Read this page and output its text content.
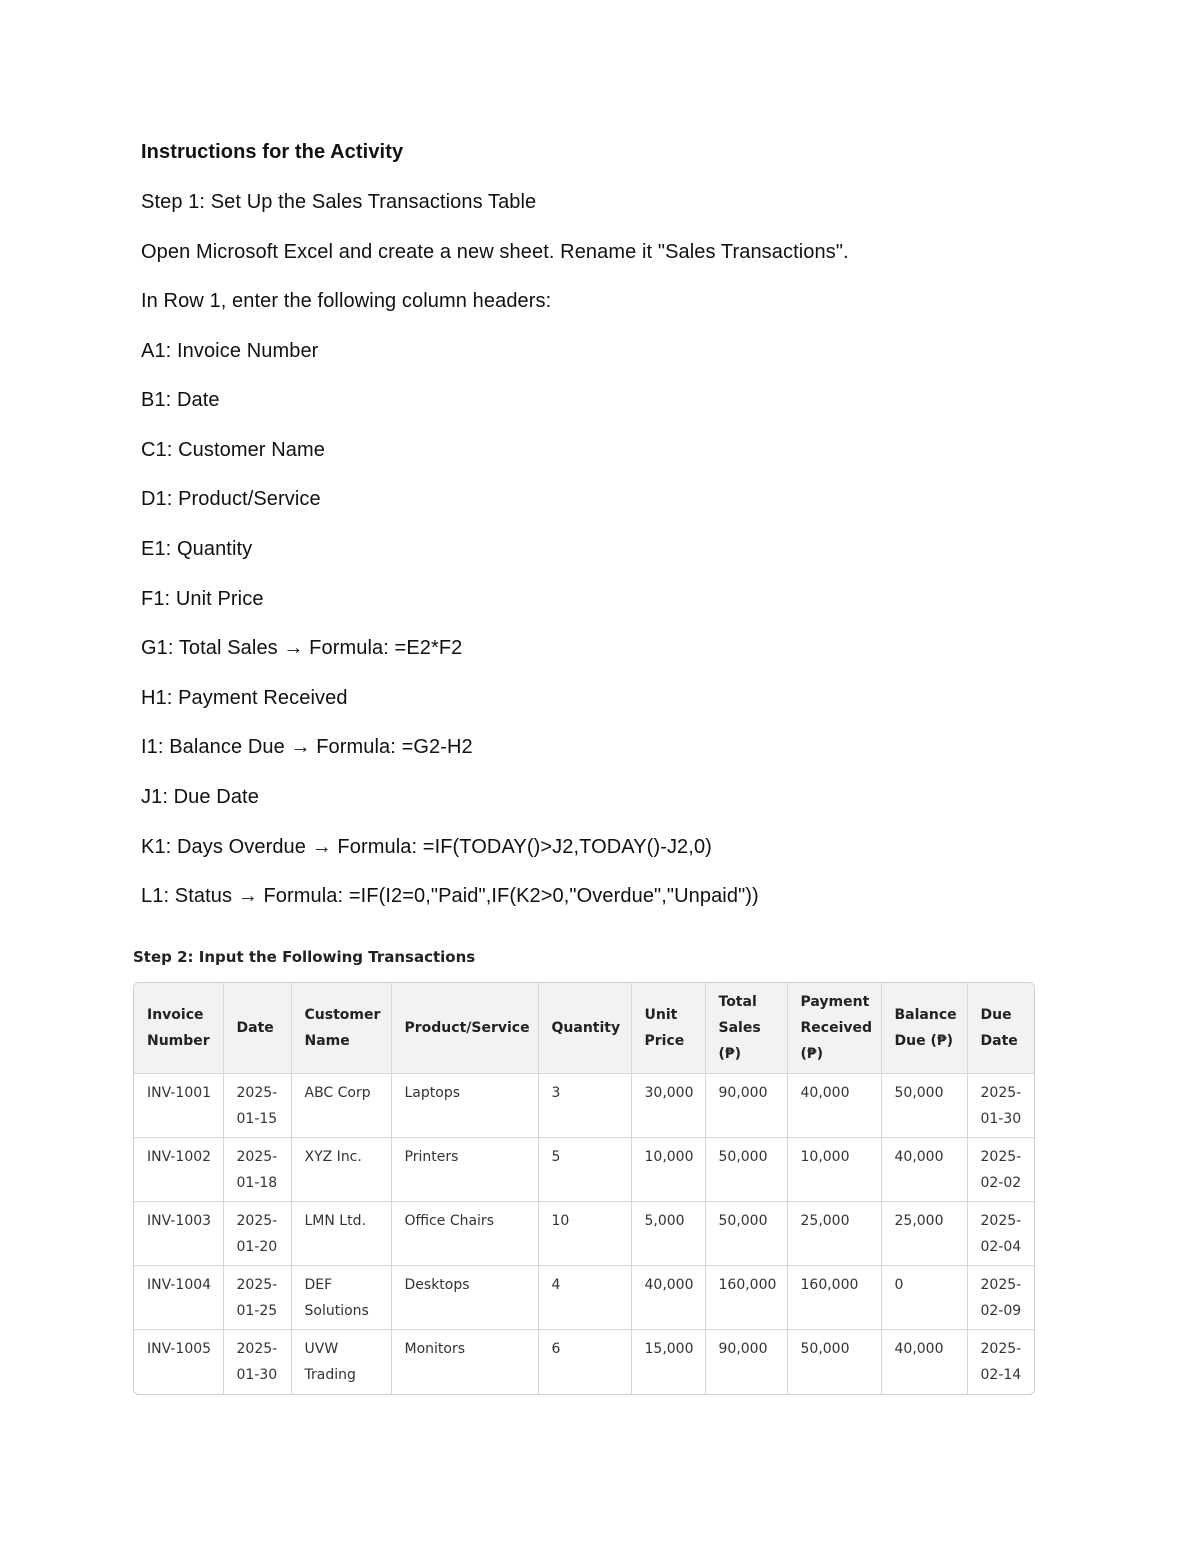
Instructions for the Activity
Step 1: Set Up the Sales Transactions Table
Open Microsoft Excel and create a new sheet. Rename it "Sales Transactions".
In Row 1, enter the following column headers:
A1: Invoice Number
B1: Date
C1: Customer Name
D1: Product/Service
E1: Quantity
F1: Unit Price
G1: Total Sales → Formula: =E2*F2
H1: Payment Received
I1: Balance Due → Formula: =G2-H2
J1: Due Date
K1: Days Overdue → Formula: =IF(TODAY()>J2,TODAY()-J2,0)
L1: Status → Formula: =IF(I2=0,"Paid",IF(K2>0,"Overdue","Unpaid"))
Step 2: Input the Following Transactions
Invoice Number	Date	Customer Name	Product/Service	Quantity	Unit Price	Total Sales (₱)	Payment Received (₱)	Balance Due (₱)	Due Date
INV-1001	2025-01-15	ABC Corp	Laptops	3	30,000	90,000	40,000	50,000	2025-01-30
INV-1002	2025-01-18	XYZ Inc.	Printers	5	10,000	50,000	10,000	40,000	2025-02-02
INV-1003	2025-01-20	LMN Ltd.	Office Chairs	10	5,000	50,000	25,000	25,000	2025-02-04
INV-1004	2025-01-25	DEF Solutions	Desktops	4	40,000	160,000	160,000	0	2025-02-09
INV-1005	2025-01-30	UVW Trading	Monitors	6	15,000	90,000	50,000	40,000	2025-02-14
